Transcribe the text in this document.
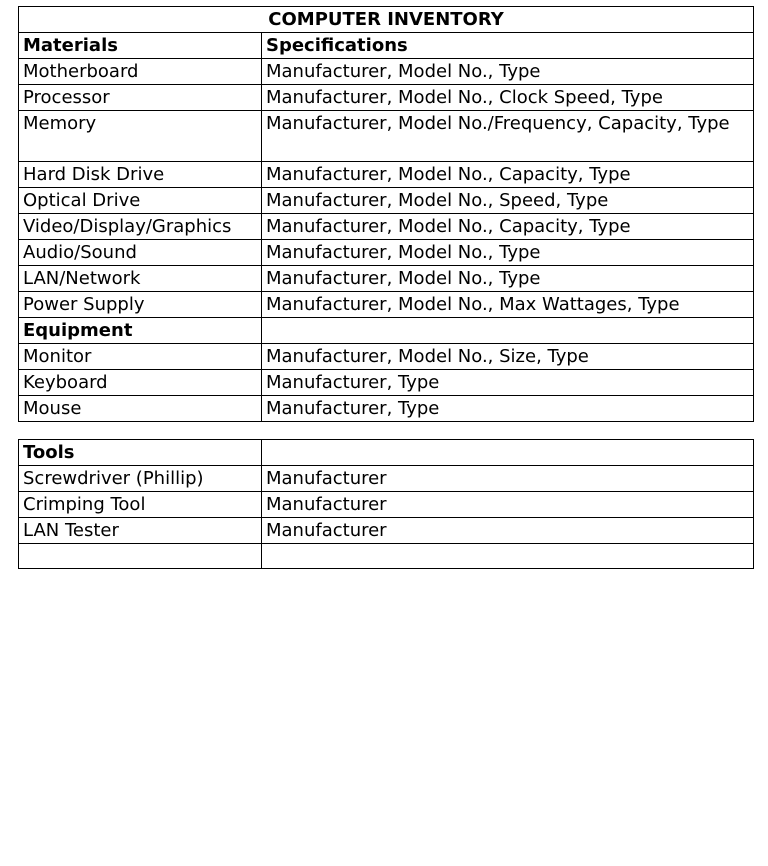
COMPUTER INVENTORY	
Materials	Specifications
Motherboard	Manufacturer, Model No., Type
Processor	Manufacturer, Model No., Clock Speed, Type
Memory	Manufacturer, Model No./Frequency, Capacity, Type
Hard Disk Drive	Manufacturer, Model No., Capacity, Type
Optical Drive	Manufacturer, Model No., Speed, Type
Video/Display/Graphics	Manufacturer, Model No., Capacity, Type
Audio/Sound	Manufacturer, Model No., Type
LAN/Network	Manufacturer, Model No., Type
Power Supply	Manufacturer, Model No., Max Wattages, Type
Equipment	
Monitor	Manufacturer, Model No., Size, Type
Keyboard	Manufacturer, Type
Mouse	Manufacturer, Type
Tools	
Screwdriver (Phillip)	Manufacturer
Crimping Tool	Manufacturer
LAN Tester	Manufacturer
